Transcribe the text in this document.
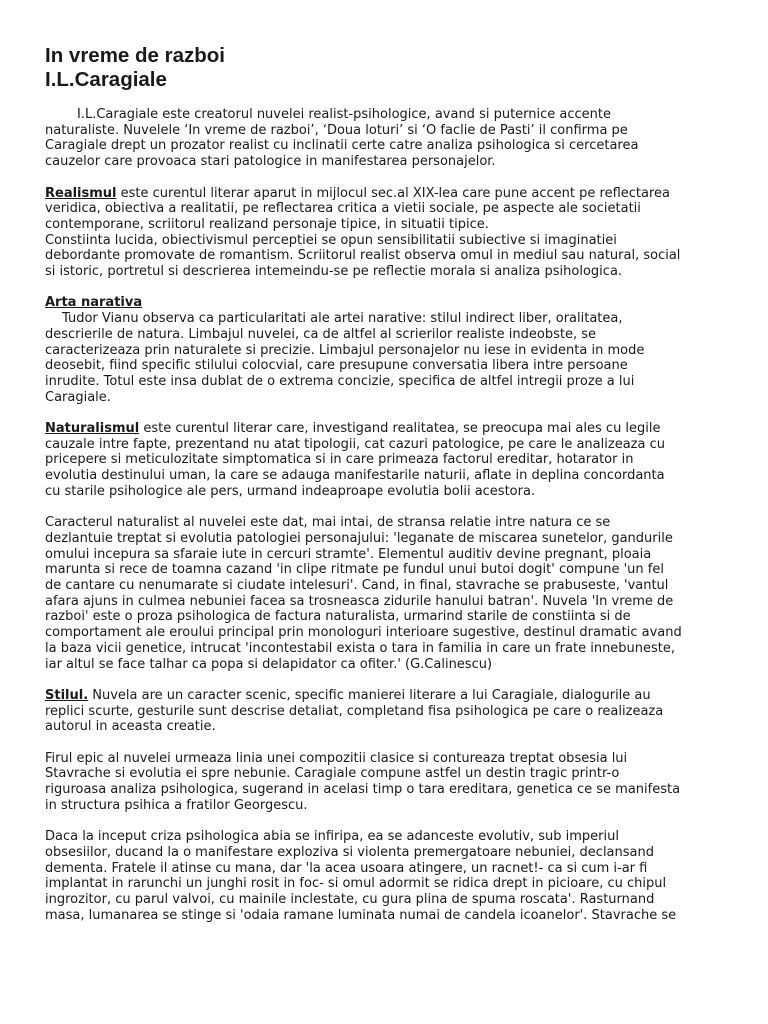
In vreme de razboi
I.L.Caragiale

I.L.Caragiale este creatorul nuvelei realist-psihologice, avand si puternice accente

naturaliste. Nuvelele ‘In vreme de razboi’, ‘Doua loturi’ si ‘O faclie de Pasti’ il confirma pe

Caragiale drept un prozator realist cu inclinatii certe catre analiza psihologica si cercetarea

cauzelor care provoaca stari patologice in manifestarea personajelor.

Realismul este curentul literar aparut in mijlocul sec.al XIX-lea care pune accent pe reflectarea

veridica, obiectiva a realitatii, pe reflectarea critica a vietii sociale, pe aspecte ale societatii

contemporane, scriitorul realizand personaje tipice, in situatii tipice.

Constiinta lucida, obiectivismul perceptiei se opun sensibilitatii subiective si imaginatiei

debordante promovate de romantism. Scriitorul realist observa omul in mediul sau natural, social

si istoric, portretul si descrierea intemeindu-se pe reflectie morala si analiza psihologica.

Arta narativa

Tudor Vianu observa ca particularitati ale artei narative: stilul indirect liber, oralitatea,

descrierile de natura. Limbajul nuvelei, ca de altfel al scrierilor realiste indeobste, se

caracterizeaza prin naturalete si precizie. Limbajul personajelor nu iese in evidenta in mode

deosebit, fiind specific stilului colocvial, care presupune conversatia libera intre persoane

inrudite. Totul este insa dublat de o extrema concizie, specifica de altfel intregii proze a lui

Caragiale.

Naturalismul este curentul literar care, investigand realitatea, se preocupa mai ales cu legile

cauzale intre fapte, prezentand nu atat tipologii, cat cazuri patologice, pe care le analizeaza cu

pricepere si meticulozitate simptomatica si in care primeaza factorul ereditar, hotarator in

evolutia destinului uman, la care se adauga manifestarile naturii, aflate in deplina concordanta

cu starile psihologice ale pers, urmand indeaproape evolutia bolii acestora.

Caracterul naturalist al nuvelei este dat, mai intai, de stransa relatie intre natura ce se

dezlantuie treptat si evolutia patologiei personajului: 'leganate de miscarea sunetelor, gandurile

omului incepura sa sfaraie iute in cercuri stramte'. Elementul auditiv devine pregnant, ploaia

marunta si rece de toamna cazand 'in clipe ritmate pe fundul unui butoi dogit' compune 'un fel

de cantare cu nenumarate si ciudate intelesuri'. Cand, in final, stavrache se prabuseste, 'vantul

afara ajuns in culmea nebuniei facea sa trosneasca zidurile hanului batran'. Nuvela 'In vreme de

razboi' este o proza psihologica de factura naturalista, urmarind starile de constiinta si de

comportament ale eroului principal prin monologuri interioare sugestive, destinul dramatic avand

la baza vicii genetice, intrucat 'incontestabil exista o tara in familia in care un frate innebuneste,

iar altul se face talhar ca popa si delapidator ca ofiter.' (G.Calinescu)

Stilul. Nuvela are un caracter scenic, specific manierei literare a lui Caragiale, dialogurile au

replici scurte, gesturile sunt descrise detaliat, completand fisa psihologica pe care o realizeaza

autorul in aceasta creatie.

Firul epic al nuvelei urmeaza linia unei compozitii clasice si contureaza treptat obsesia lui

Stavrache si evolutia ei spre nebunie. Caragiale compune astfel un destin tragic printr-o

riguroasa analiza psihologica, sugerand in acelasi timp o tara ereditara, genetica ce se manifesta

in structura psihica a fratilor Georgescu.

Daca la inceput criza psihologica abia se infiripa, ea se adanceste evolutiv, sub imperiul

obsesiilor, ducand la o manifestare exploziva si violenta premergatoare nebuniei, declansand

dementa. Fratele il atinse cu mana, dar 'la acea usoara atingere, un racnet!- ca si cum i-ar fi

implantat in rarunchi un junghi rosit in foc- si omul adormit se ridica drept in picioare, cu chipul

ingrozitor, cu parul valvoi, cu mainile inclestate, cu gura plina de spuma roscata'. Rasturnand

masa, lumanarea se stinge si 'odaia ramane luminata numai de candela icoanelor'. Stavrache se
